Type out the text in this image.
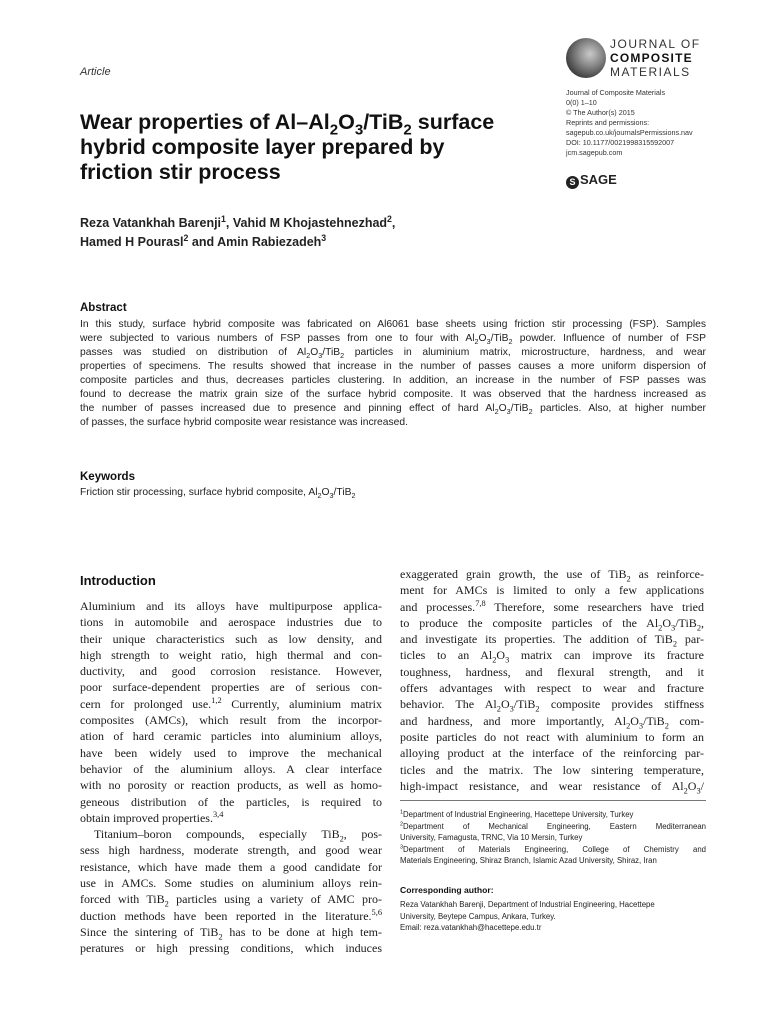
Article
JOURNAL OF
COMPOSITE
MATERIALS
Journal of Composite Materials
0(0) 1–10
© The Author(s) 2015
Reprints and permissions:
sagepub.co.uk/journalsPermissions.nav
DOI: 10.1177/0021998315592007
jcm.sagepub.com
S SAGE
Wear properties of $Al-Al_2O_3/TiB_2$ surface
hybrid composite layer prepared by
friction stir process
Reza Vatankhah Barenji$^1$, Vahid M Khojastehnezhad$^2$,
Hamed H Pourasl$^2$ and Amin Rabiezadeh$^3$
Abstract
In this study, surface hybrid composite was fabricated on Al6061 base sheets using friction stir processing (FSP). Samples
were subjected to various numbers of FSP passes from one to four with $Al_2O_3/TiB_2$ powder. Influence of number of FSP
passes was studied on distribution of $Al_2O_3/TiB_2$ particles in aluminium matrix, microstructure, hardness, and wear
properties of specimens. The results showed that increase in the number of passes causes a more uniform dispersion of
composite particles and thus, decreases particles clustering. In addition, an increase in the number of FSP passes was
found to decrease the matrix grain size of the surface hybrid composite. It was observed that the hardness increased as
the number of passes increased due to presence and pinning effect of hard $Al_2O_3/TiB_2$ particles. Also, at higher number
of passes, the surface hybrid composite wear resistance was increased.
Keywords
Friction stir processing, surface hybrid composite, $Al_2O_3/TiB_2$
Introduction
Aluminium and its alloys have multipurpose applica-
tions in automobile and aerospace industries due to
their unique characteristics such as low density, and
high strength to weight ratio, high thermal and con-
ductivity, and good corrosion resistance. However,
poor surface-dependent properties are of serious con-
cern for prolonged use.$^{1,2}$ Currently, aluminium matrix
composites (AMCs), which result from the incorpor-
ation of hard ceramic particles into aluminium alloys,
have been widely used to improve the mechanical
behavior of the aluminium alloys. A clear interface
with no porosity or reaction products, as well as homo-
geneous distribution of the particles, is required to
obtain improved properties.$^{3,4}$
Titanium–boron compounds, especially TiB$_2$, pos-
sess high hardness, moderate strength, and good wear
resistance, which have made them a good candidate for
use in AMCs. Some studies on aluminium alloys rein-
forced with TiB$_2$ particles using a variety of AMC pro-
duction methods have been reported in the literature.$^{5,6}$
Since the sintering of TiB$_2$ has to be done at high tem-
peratures or high pressing conditions, which induces
exaggerated grain growth, the use of TiB$_2$ as reinforce-
ment for AMCs is limited to only a few applications
and processes.$^{7,8}$ Therefore, some researchers have tried
to produce the composite particles of the $Al_2O_3/TiB_2$,
and investigate its properties. The addition of TiB$_2$ par-
ticles to an $Al_2O_3$ matrix can improve its fracture
toughness, hardness, and flexural strength, and it
offers advantages with respect to wear and fracture
behavior. The $Al_2O_3/TiB_2$ composite provides stiffness
and hardness, and more importantly, $Al_2O_3/TiB_2$ com-
posite particles do not react with aluminium to form an
alloying product at the interface of the reinforcing par-
ticles and the matrix. The low sintering temperature,
high-impact resistance, and wear resistance of $Al_2O_3/$
$^1$Department of Industrial Engineering, Hacettepe University, Turkey
$^2$Department of Mechanical Engineering, Eastern Mediterranean
University, Famagusta, TRNC, Via 10 Mersin, Turkey
$^3$Department of Materials Engineering, College of Chemistry and
Materials Engineering, Shiraz Branch, Islamic Azad University, Shiraz, Iran
Corresponding author:
Reza Vatankhah Barenji, Department of Industrial Engineering, Hacettepe
University, Beytepe Campus, Ankara, Turkey.
Email: reza.vatankhah@hacettepe.edu.tr
